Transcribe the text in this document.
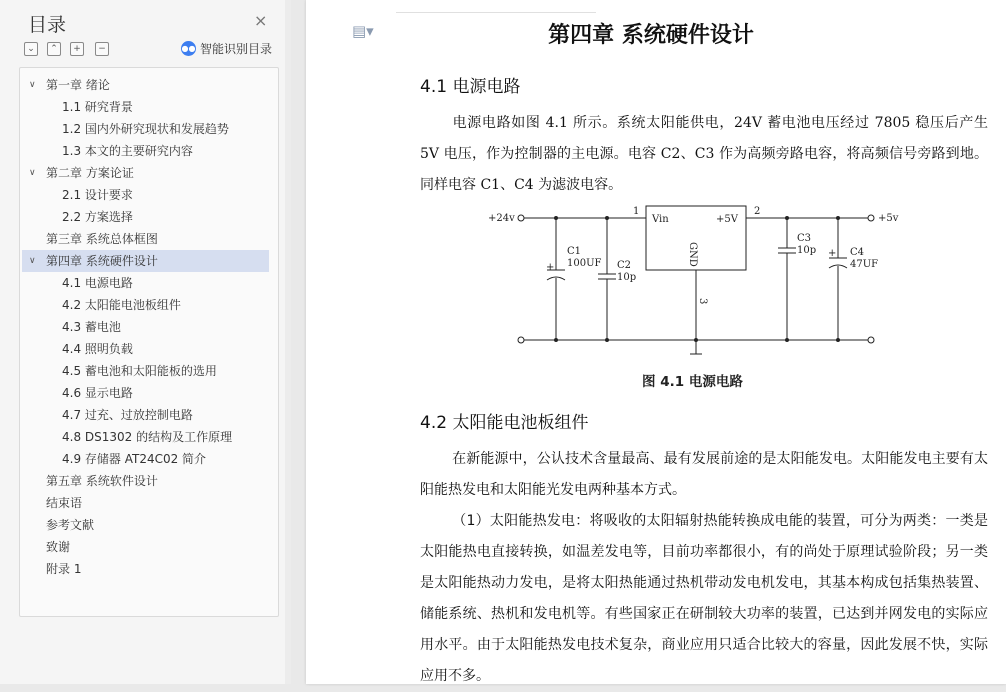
目录	×
⌄	⌃	+	−	●● 智能识别目录
∨ 第一章 绪论
1.1 研究背景
1.2 国内外研究现状和发展趋势
1.3 本文的主要研究内容
∨ 第二章 方案论证
2.1 设计要求
2.2 方案选择
第三章 系统总体框图
∨ 第四章 系统硬件设计
4.1 电源电路
4.2 太阳能电池板组件
4.3 蓄电池
4.4 照明负载
4.5 蓄电池和太阳能板的选用
4.6 显示电路
4.7 过充、过放控制电路
4.8 DS1302 的结构及工作原理
4.9 存储器 AT24C02 简介
第五章 系统软件设计
结束语
参考文献
致谢
附录 1
▤▾	第四章 系统硬件设计
4.1 电源电路
电源电路如图 4.1 所示。系统太阳能供电，24V 蓄电池电压经过 7805 稳压后产生 5V 电压，作为控制器的主电源。电容 C2、C3 作为高频旁路电容，将高频信号旁路到地。同样电容 C1、C4 为滤波电容。
+24v	+5v
1	2
3
Vin	+5V
GND
C1
100UF
+	C2
10p
C3
10p	C4
47UF
+
图 4.1 电源电路
4.2 太阳能电池板组件
在新能源中，公认技术含量最高、最有发展前途的是太阳能发电。太阳能发电主要有太阳能热发电和太阳能光发电两种基本方式。
（1）太阳能热发电：将吸收的太阳辐射热能转换成电能的装置，可分为两类：一类是太阳能热电直接转换，如温差发电等，目前功率都很小，有的尚处于原理试验阶段；另一类是太阳能热动力发电，是将太阳热能通过热机带动发电机发电，其基本构成包括集热装置、储能系统、热机和发电机等。有些国家正在研制较大功率的装置，已达到并网发电的实际应用水平。由于太阳能热发电技术复杂，商业应用只适合比较大的容量，因此发展不快，实际应用不多。
